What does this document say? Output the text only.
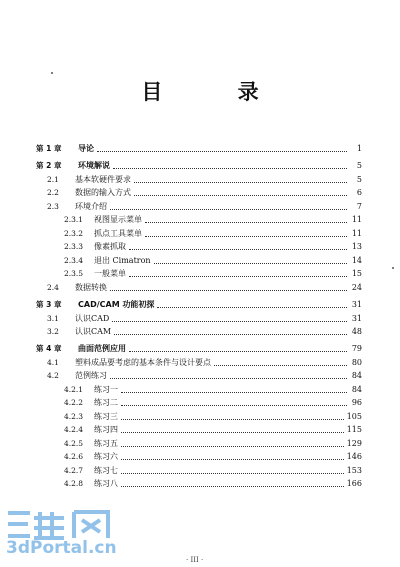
目 录
第 1 章	导论	1
第 2 章	环境解说	5
2.1	基本软硬件要求	5
2.2	数据的输入方式	6
2.3	环境介绍	7
2.3.1	视图显示菜单	11
2.3.2	抓点工具菜单	11
2.3.3	像素抓取	13
2.3.4	退出 Cimatron	14
2.3.5	一般菜单	15
2.4	数据转换	24
第 3 章	CAD/CAM 功能初探	31
3.1	认识CAD	31
3.2	认识CAM	48
第 4 章	曲面范例应用	79
4.1	塑料成品要考虑的基本条件与设计要点	80
4.2	范例练习	84
4.2.1	练习一	84
4.2.2	练习二	96
4.2.3	练习三	105
4.2.4	练习四	115
4.2.5	练习五	129
4.2.6	练习六	146
4.2.7	练习七	153
4.2.8	练习八	166
3dPortal.cn
· III ·
